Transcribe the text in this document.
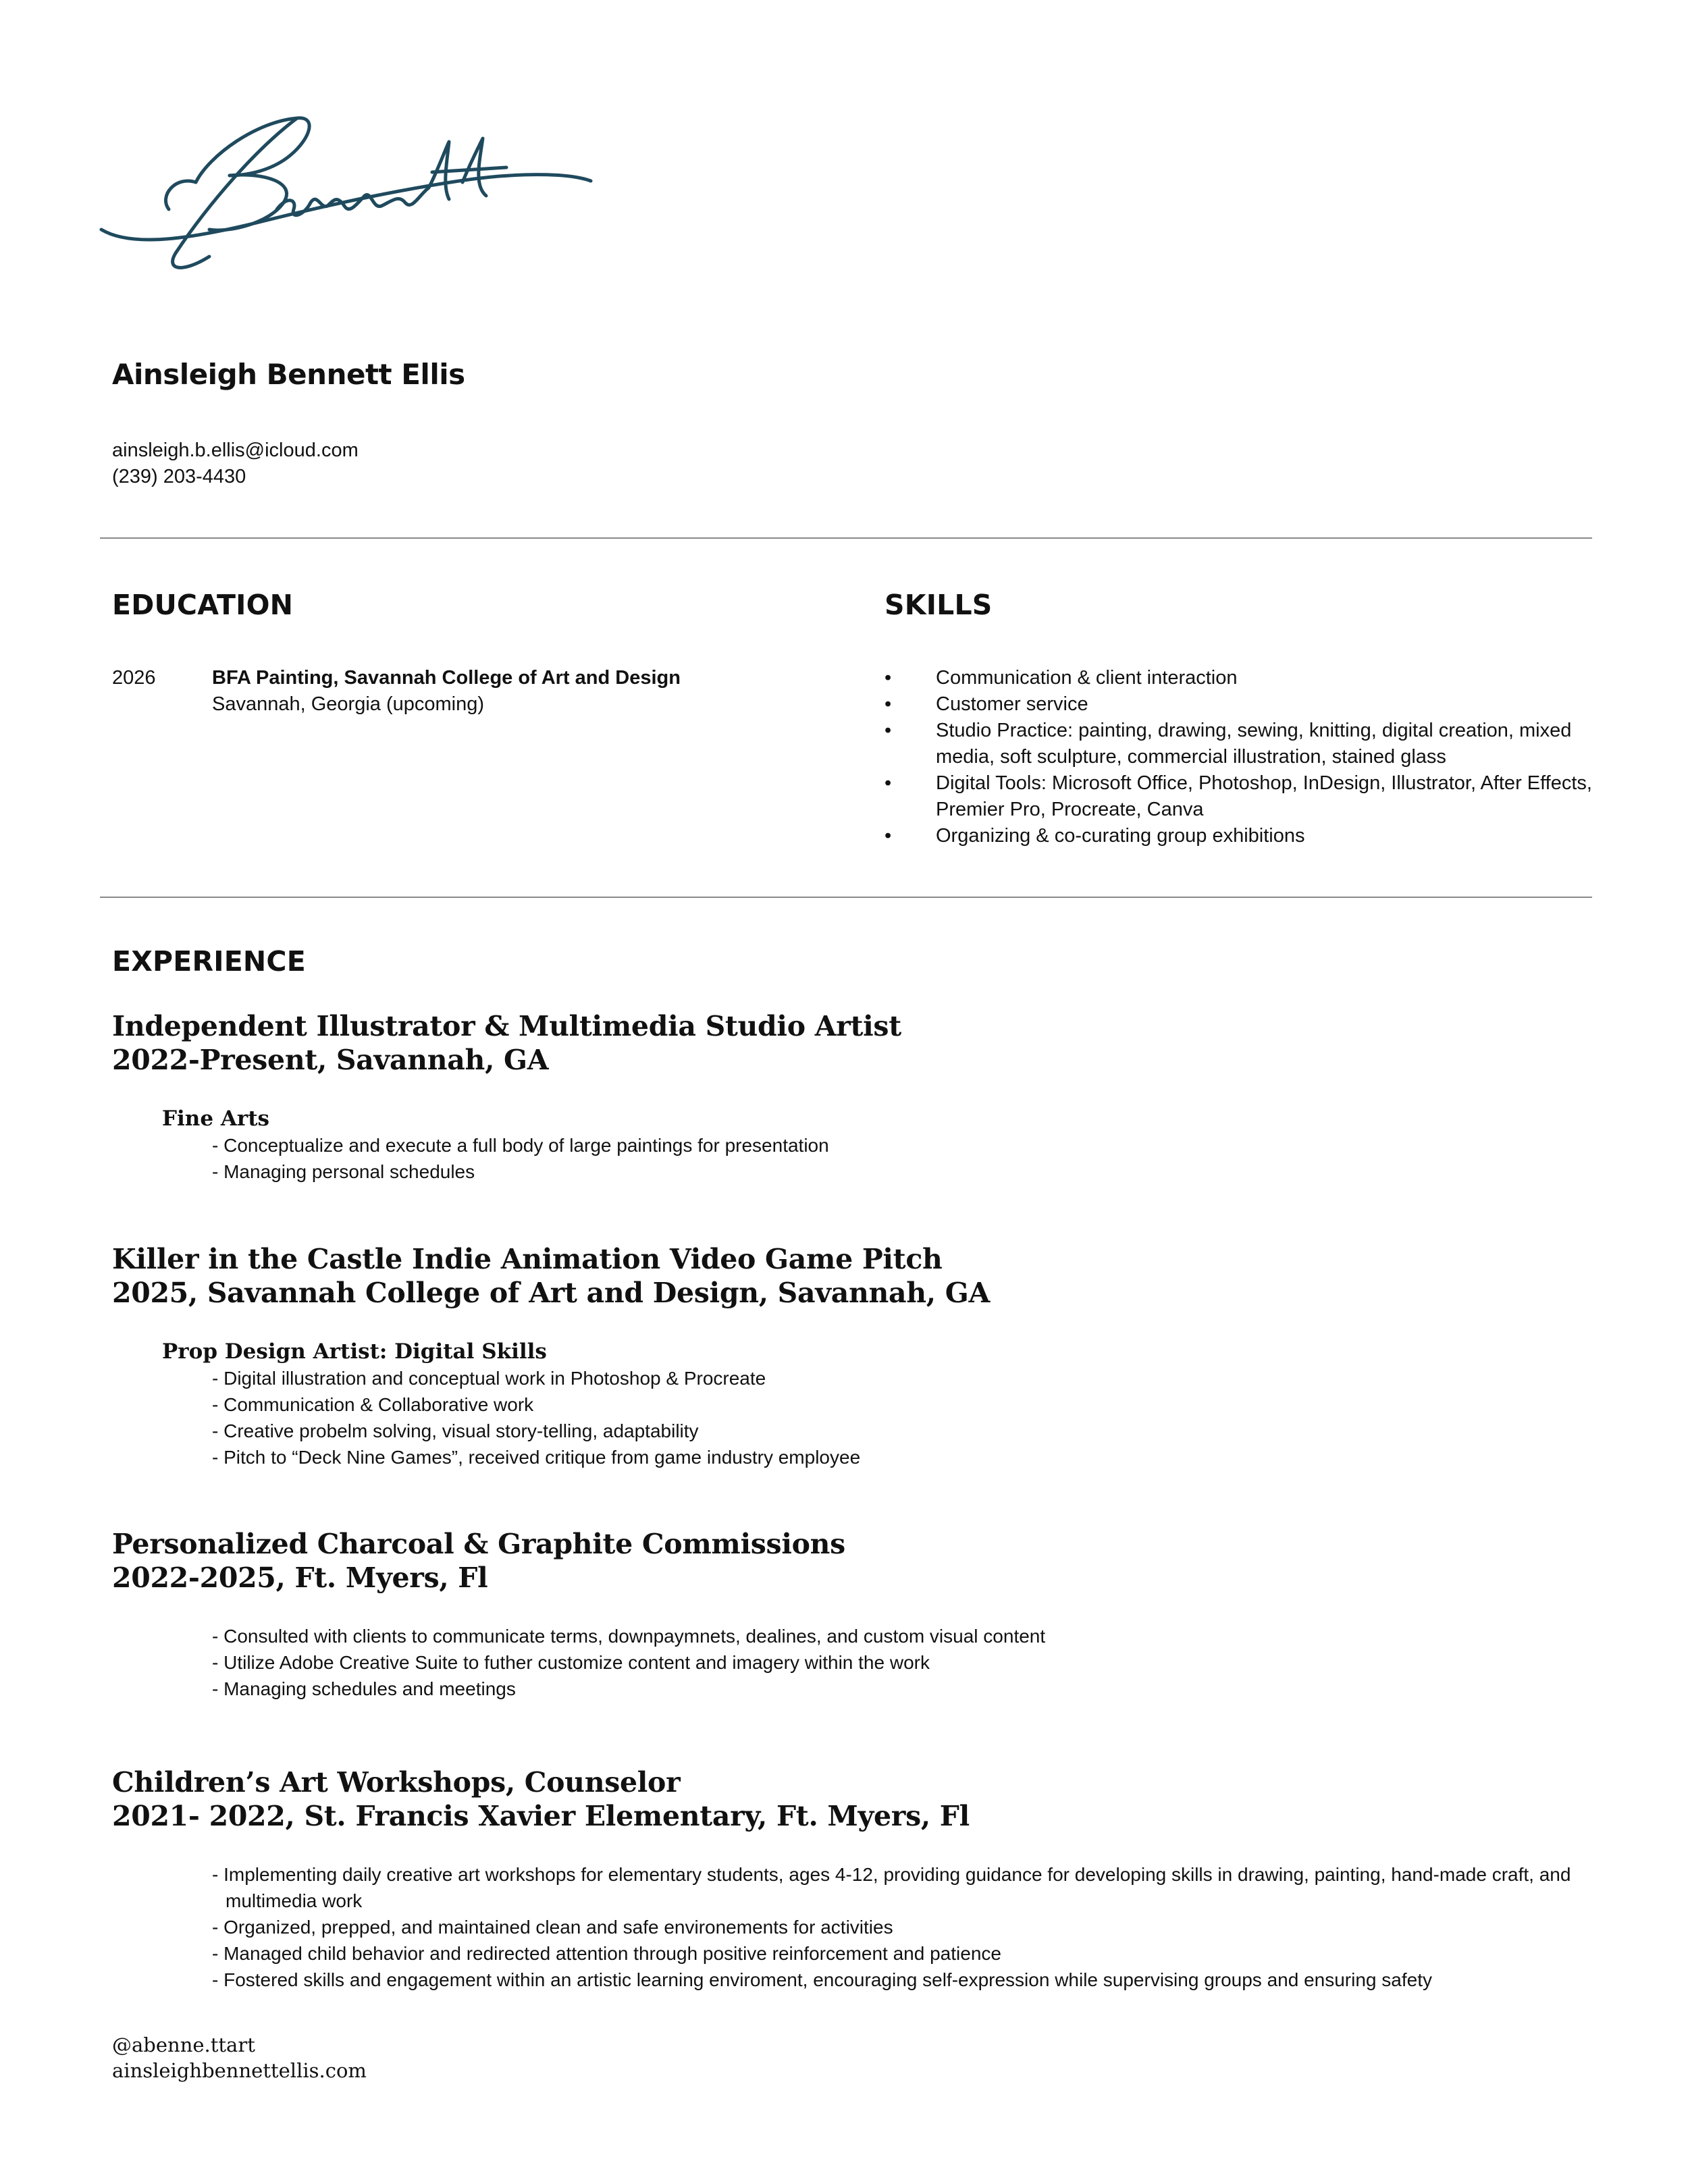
Ainsleigh Bennett Ellis
ainsleigh.b.ellis@icloud.com
(239) 203-4430
EDUCATION
2026	BFA Painting, Savannah College of Art and Design
Savannah, Georgia (upcoming)
SKILLS
• Communication & client interaction
• Customer service
• Studio Practice: painting, drawing, sewing, knitting, digital creation, mixed media, soft sculpture, commercial illustration, stained glass
• Digital Tools: Microsoft Office, Photoshop, InDesign, Illustrator, After Effects, Premier Pro, Procreate, Canva
• Organizing & co-curating group exhibitions
EXPERIENCE
Independent Illustrator & Multimedia Studio Artist
2022-Present, Savannah, GA
Fine Arts
- Conceptualize and execute a full body of large paintings for presentation
- Managing personal schedules
Killer in the Castle Indie Animation Video Game Pitch
2025, Savannah College of Art and Design, Savannah, GA
Prop Design Artist: Digital Skills
- Digital illustration and conceptual work in Photoshop & Procreate
- Communication & Collaborative work
- Creative probelm solving, visual story-telling, adaptability
- Pitch to “Deck Nine Games”, received critique from game industry employee
Personalized Charcoal & Graphite Commissions
2022-2025, Ft. Myers, Fl
- Consulted with clients to communicate terms, downpaymnets, dealines, and custom visual content
- Utilize Adobe Creative Suite to futher customize content and imagery within the work
- Managing schedules and meetings
Children’s Art Workshops, Counselor
2021- 2022, St. Francis Xavier Elementary, Ft. Myers, Fl
- Implementing daily creative art workshops for elementary students, ages 4-12, providing guidance for developing skills in drawing, painting, hand-made craft, and multimedia work
- Organized, prepped, and maintained clean and safe environements for activities
- Managed child behavior and redirected attention through positive reinforcement and patience
- Fostered skills and engagement within an artistic learning enviroment, encouraging self-expression while supervising groups and ensuring safety
@abenne.ttart
ainsleighbennettellis.com
